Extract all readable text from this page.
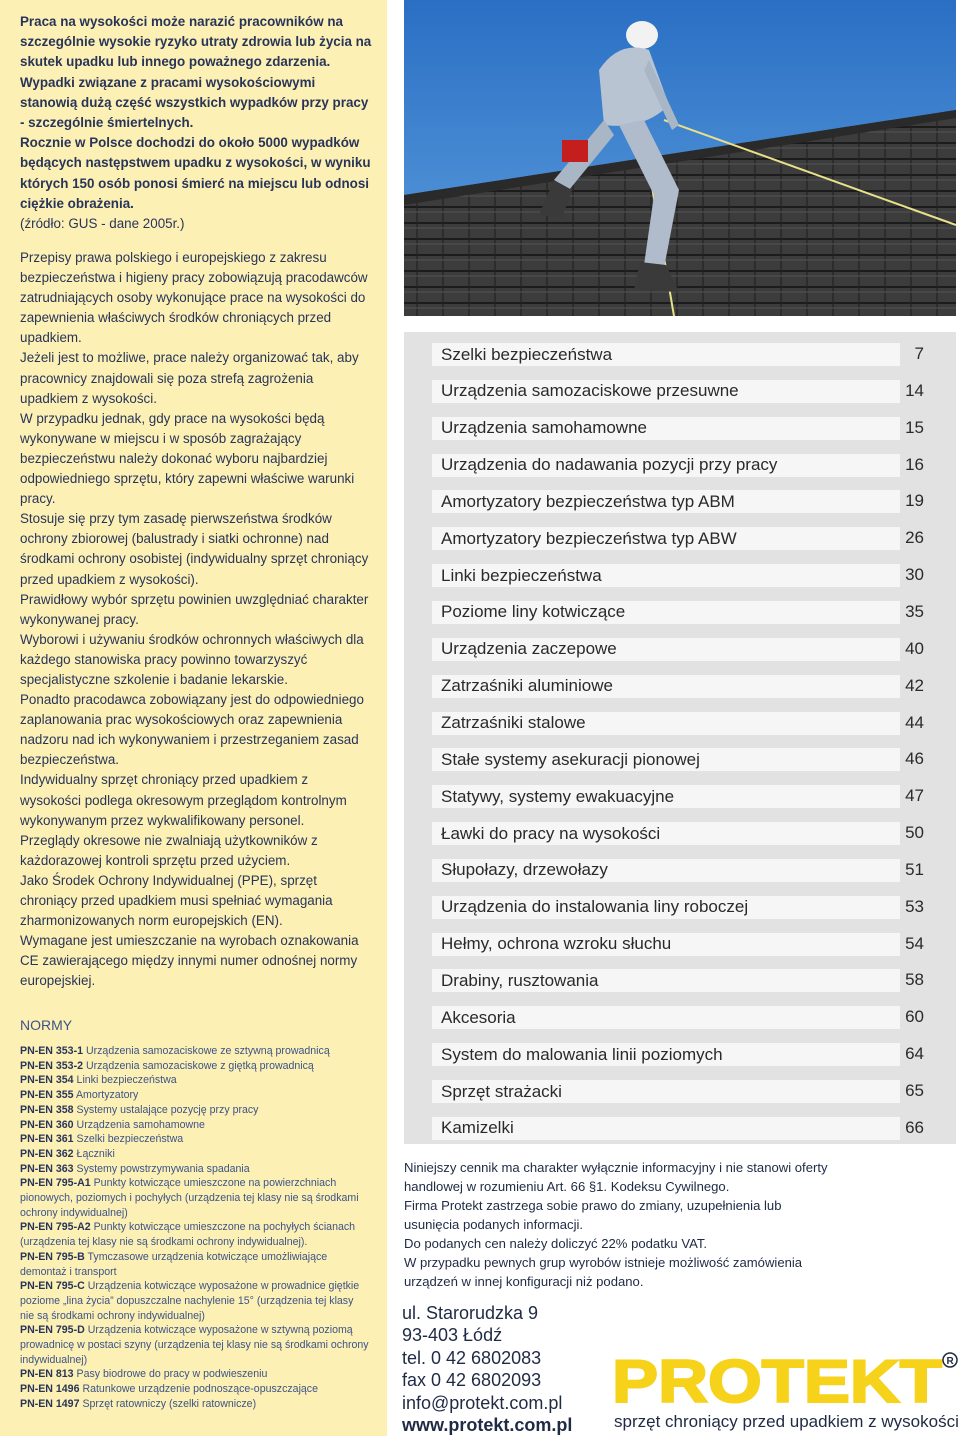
Praca na wysokości może narazić pracowników na szczególnie wysokie ryzyko utraty zdrowia lub życia na skutek upadku lub innego poważnego zdarzenia.

Wypadki związane z pracami wysokościowymi stanowią dużą część wszystkich wypadków przy pracy - szczególnie śmiertelnych.

Rocznie w Polsce dochodzi do około 5000 wypadków będących następstwem upadku z wysokości, w wyniku których 150 osób ponosi śmierć na miejscu lub odnosi ciężkie obrażenia.

(źródło: GUS - dane 2005r.)

Przepisy prawa polskiego i europejskiego z zakresu bezpieczeństwa i higieny pracy zobowiązują pracodawców zatrudniających osoby wykonujące prace na wysokości do zapewnienia właściwych środków chroniących przed upadkiem.

Jeżeli jest to możliwe, prace należy organizować tak, aby pracownicy znajdowali się poza strefą zagrożenia upadkiem z wysokości.

W przypadku jednak, gdy prace na wysokości będą wykonywane w miejscu i w sposób zagrażający bezpieczeństwu należy dokonać wyboru najbardziej odpowiedniego sprzętu, który zapewni właściwe warunki pracy.

Stosuje się przy tym zasadę pierwszeństwa środków ochrony zbiorowej (balustrady i siatki ochronne) nad środkami ochrony osobistej (indywidualny sprzęt chroniący przed upadkiem z wysokości).

Prawidłowy wybór sprzętu powinien uwzględniać charakter wykonywanej pracy.

Wyborowi i używaniu środków ochronnych właściwych dla każdego stanowiska pracy powinno towarzyszyć specjalistyczne szkolenie i badanie lekarskie.

Ponadto pracodawca zobowiązany jest do odpowiedniego zaplanowania prac wysokościowych oraz zapewnienia nadzoru nad ich wykonywaniem i przestrzeganiem zasad bezpieczeństwa.

Indywidualny sprzęt chroniący przed upadkiem z wysokości podlega okresowym przeglądom kontrolnym wykonywanym przez wykwalifikowany personel.

Przeglądy okresowe nie zwalniają użytkowników z każdorazowej kontroli sprzętu przed użyciem.

Jako Środek Ochrony Indywidualnej (PPE), sprzęt chroniący przed upadkiem musi spełniać wymagania zharmonizowanych norm europejskich (EN).

Wymagane jest umieszczanie na wyrobach oznakowania CE zawierającego między innymi numer odnośnej normy europejskiej.

NORMY

PN-EN 353-1 Urządzenia samozaciskowe ze sztywną prowadnicą

PN-EN 353-2 Urządzenia samozaciskowe z giętką prowadnicą

PN-EN 354 Linki bezpieczeństwa

PN-EN 355 Amortyzatory

PN-EN 358 Systemy ustalające pozycję przy pracy

PN-EN 360 Urządzenia samohamowne

PN-EN 361 Szelki bezpieczeństwa

PN-EN 362 Łączniki

PN-EN 363 Systemy powstrzymywania spadania

PN-EN 795-A1 Punkty kotwiczące umieszczone na powierzchniach pionowych, poziomych i pochyłych (urządzenia tej klasy nie są środkami ochrony indywidualnej)

PN-EN 795-A2 Punkty kotwiczące umieszczone na pochyłych ścianach (urządzenia tej klasy nie są środkami ochrony indywidualnej).

PN-EN 795-B Tymczasowe urządzenia kotwiczące umożliwiające demontaż i transport

PN-EN 795-C Urządzenia kotwiczące wyposażone w prowadnice giętkie poziome „lina życia” dopuszczalne nachylenie 15° (urządzenia tej klasy nie są środkami ochrony indywidualnej)

PN-EN 795-D Urządzenia kotwiczące wyposażone w sztywną poziomą prowadnicę w postaci szyny (urządzenia tej klasy nie są środkami ochrony indywidualnej)

PN-EN 813 Pasy biodrowe do pracy w podwieszeniu

PN-EN 1496 Ratunkowe urządzenie podnoszące-opuszczające

PN-EN 1497 Sprzęt ratowniczy (szelki ratownicze)

Szelki bezpieczeństwa	7
Urządzenia samozaciskowe przesuwne	14
Urządzenia samohamowne	15
Urządzenia do nadawania pozycji przy pracy	16
Amortyzatory bezpieczeństwa typ ABM	19
Amortyzatory bezpieczeństwa typ ABW	26
Linki bezpieczeństwa	30
Poziome liny kotwiczące	35
Urządzenia zaczepowe	40
Zatrzaśniki aluminiowe	42
Zatrzaśniki stalowe	44
Stałe systemy asekuracji pionowej	46
Statywy, systemy ewakuacyjne	47
Ławki do pracy na wysokości	50
Słupołazy, drzewołazy	51
Urządzenia do instalowania liny roboczej	53
Hełmy, ochrona wzroku słuchu	54
Drabiny, rusztowania	58
Akcesoria	60
System do malowania linii poziomych	64
Sprzęt strażacki	65
Kamizelki	66

Niniejszy cennik ma charakter wyłącznie informacyjny i nie stanowi oferty handlowej w rozumieniu Art. 66 §1. Kodeksu Cywilnego.

Firma Protekt zastrzega sobie prawo do zmiany, uzupełnienia lub usunięcia podanych informacji.

Do podanych cen należy doliczyć 22% podatku VAT.

W przypadku pewnych grup wyrobów istnieje możliwość zamówienia urządzeń w innej konfiguracji niż podano.

ul. Starorudzka 9
93-403 Łódź
tel. 0 42 6802083
fax 0 42 6802093
info@protekt.com.pl
www.protekt.com.pl
PROTEKT R
sprzęt chroniący przed upadkiem z wysokości
